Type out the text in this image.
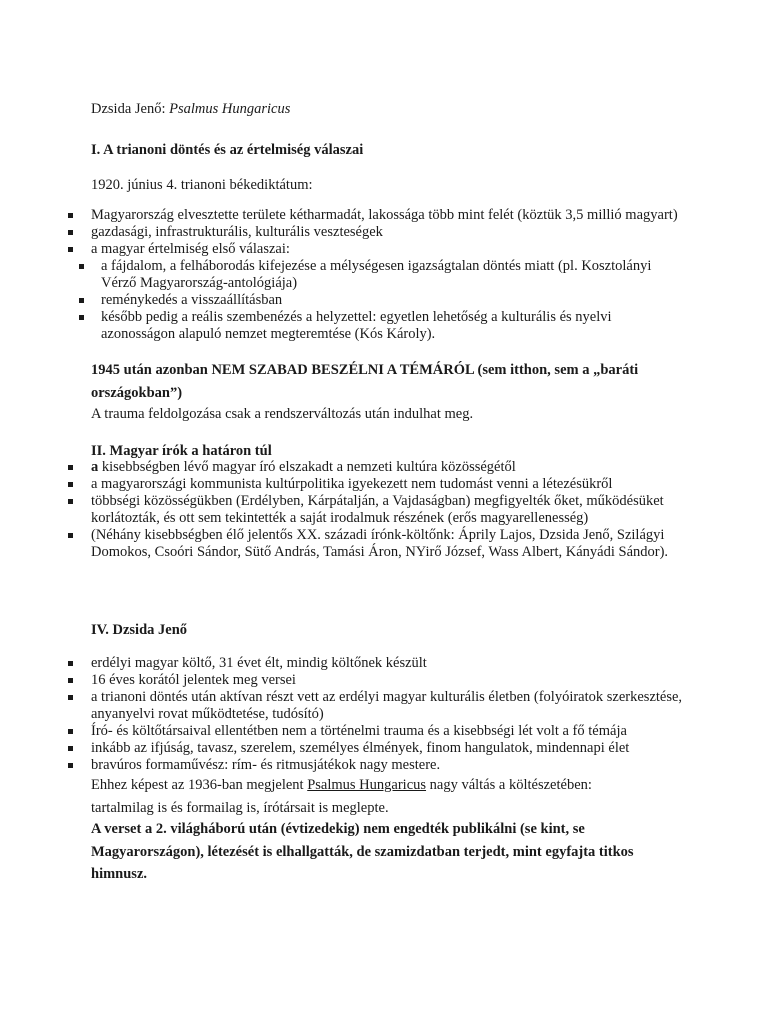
Dzsida Jenő: Psalmus Hungaricus
I. A trianoni döntés és az értelmiség válaszai
1920. június 4. trianoni békediktátum:
Magyarország elvesztette területe kétharmadát, lakossága több mint felét (köztük 3,5 millió magyart)
gazdasági, infrastrukturális, kulturális veszteségek
a magyar értelmiség első válaszai:
a fájdalom, a felháborodás kifejezése a mélységesen igazságtalan döntés miatt (pl. Kosztolányi Vérző Magyarország-antológiája)
reménykedés a visszaállításban
később pedig a reális szembenézés a helyzettel: egyetlen lehetőség a kulturális és nyelvi azonosságon alapuló nemzet megteremtése (Kós Károly).
1945 után azonban NEM SZABAD BESZÉLNI A TÉMÁRÓL (sem itthon, sem a „baráti országokban”)
A trauma feldolgozása csak a rendszerváltozás után indulhat meg.
II. Magyar írók a határon túl
a kisebbségben lévő magyar író elszakadt a nemzeti kultúra közösségétől
a magyarországi kommunista kultúrpolitika igyekezett nem tudomást venni a létezésükről
többségi közösségükben (Erdélyben, Kárpátalján, a Vajdaságban) megfigyelték őket, működésüket korlátozták, és ott sem tekintették a saját irodalmuk részének (erős magyarellenesség)
(Néhány kisebbségben élő jelentős XX. századi írónk-költőnk: Áprily Lajos, Dzsida Jenő, Szilágyi Domokos, Csoóri Sándor, Sütő András, Tamási Áron, NYirő József, Wass Albert, Kányádi Sándor).
IV. Dzsida Jenő
erdélyi magyar költő, 31 évet élt, mindig költőnek készült
16 éves korától jelentek meg versei
a trianoni döntés után aktívan részt vett az erdélyi magyar kulturális életben (folyóiratok szerkesztése, anyanyelvi rovat működtetése, tudósító)
Író- és költőtársaival ellentétben nem a történelmi trauma és a kisebbségi lét volt a fő témája
inkább az ifjúság, tavasz, szerelem, személyes élmények, finom hangulatok, mindennapi élet
bravúros formaművész: rím- és ritmusjátékok nagy mestere.
Ehhez képest az 1936-ban megjelent Psalmus Hungaricus nagy váltás a költészetében: tartalmilag is és formailag is, írótársait is meglepte.
A verset a 2. világháború után (évtizedekig) nem engedték publikálni (se kint, se Magyarországon), létezését is elhallgatták, de szamizdatban terjedt, mint egyfajta titkos himnusz.
